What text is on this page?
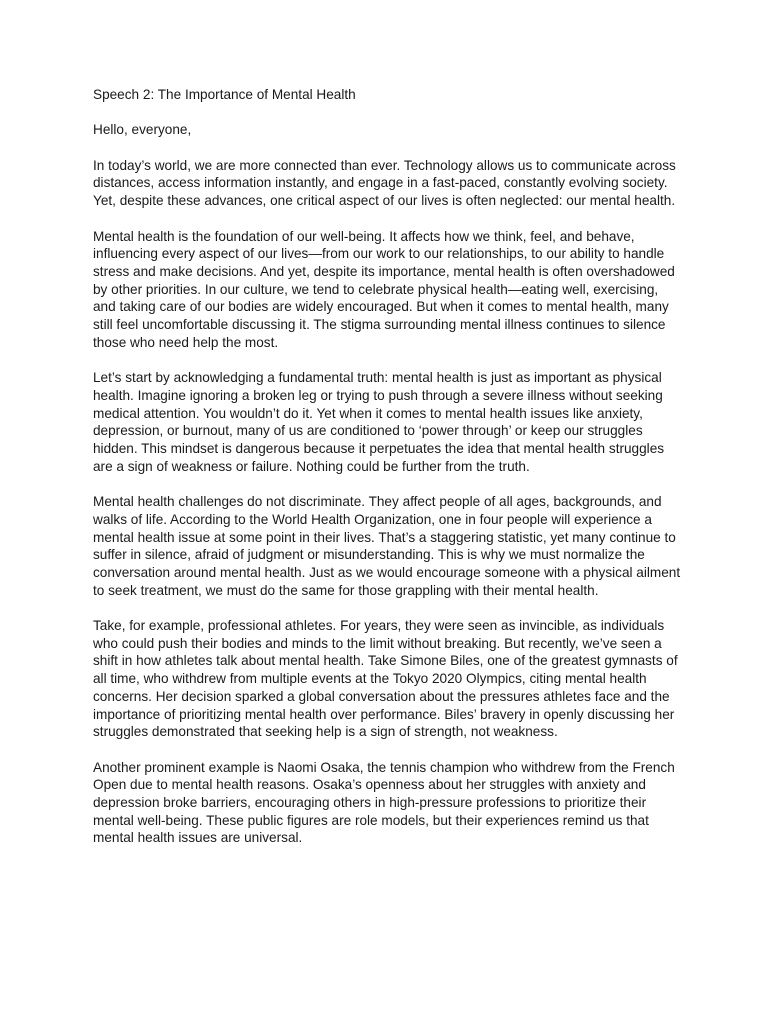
Speech 2: The Importance of Mental Health

Hello, everyone,

In today’s world, we are more connected than ever. Technology allows us to communicate across distances, access information instantly, and engage in a fast-paced, constantly evolving society. Yet, despite these advances, one critical aspect of our lives is often neglected: our mental health.

Mental health is the foundation of our well-being. It affects how we think, feel, and behave, influencing every aspect of our lives—from our work to our relationships, to our ability to handle stress and make decisions. And yet, despite its importance, mental health is often overshadowed by other priorities. In our culture, we tend to celebrate physical health—eating well, exercising, and taking care of our bodies are widely encouraged. But when it comes to mental health, many still feel uncomfortable discussing it. The stigma surrounding mental illness continues to silence those who need help the most.

Let’s start by acknowledging a fundamental truth: mental health is just as important as physical health. Imagine ignoring a broken leg or trying to push through a severe illness without seeking medical attention. You wouldn’t do it. Yet when it comes to mental health issues like anxiety, depression, or burnout, many of us are conditioned to ‘power through’ or keep our struggles hidden. This mindset is dangerous because it perpetuates the idea that mental health struggles are a sign of weakness or failure. Nothing could be further from the truth.

Mental health challenges do not discriminate. They affect people of all ages, backgrounds, and walks of life. According to the World Health Organization, one in four people will experience a mental health issue at some point in their lives. That’s a staggering statistic, yet many continue to suffer in silence, afraid of judgment or misunderstanding. This is why we must normalize the conversation around mental health. Just as we would encourage someone with a physical ailment to seek treatment, we must do the same for those grappling with their mental health.

Take, for example, professional athletes. For years, they were seen as invincible, as individuals who could push their bodies and minds to the limit without breaking. But recently, we’ve seen a shift in how athletes talk about mental health. Take Simone Biles, one of the greatest gymnasts of all time, who withdrew from multiple events at the Tokyo 2020 Olympics, citing mental health concerns. Her decision sparked a global conversation about the pressures athletes face and the importance of prioritizing mental health over performance. Biles’ bravery in openly discussing her struggles demonstrated that seeking help is a sign of strength, not weakness.

Another prominent example is Naomi Osaka, the tennis champion who withdrew from the French Open due to mental health reasons. Osaka’s openness about her struggles with anxiety and depression broke barriers, encouraging others in high-pressure professions to prioritize their mental well-being. These public figures are role models, but their experiences remind us that mental health issues are universal.
